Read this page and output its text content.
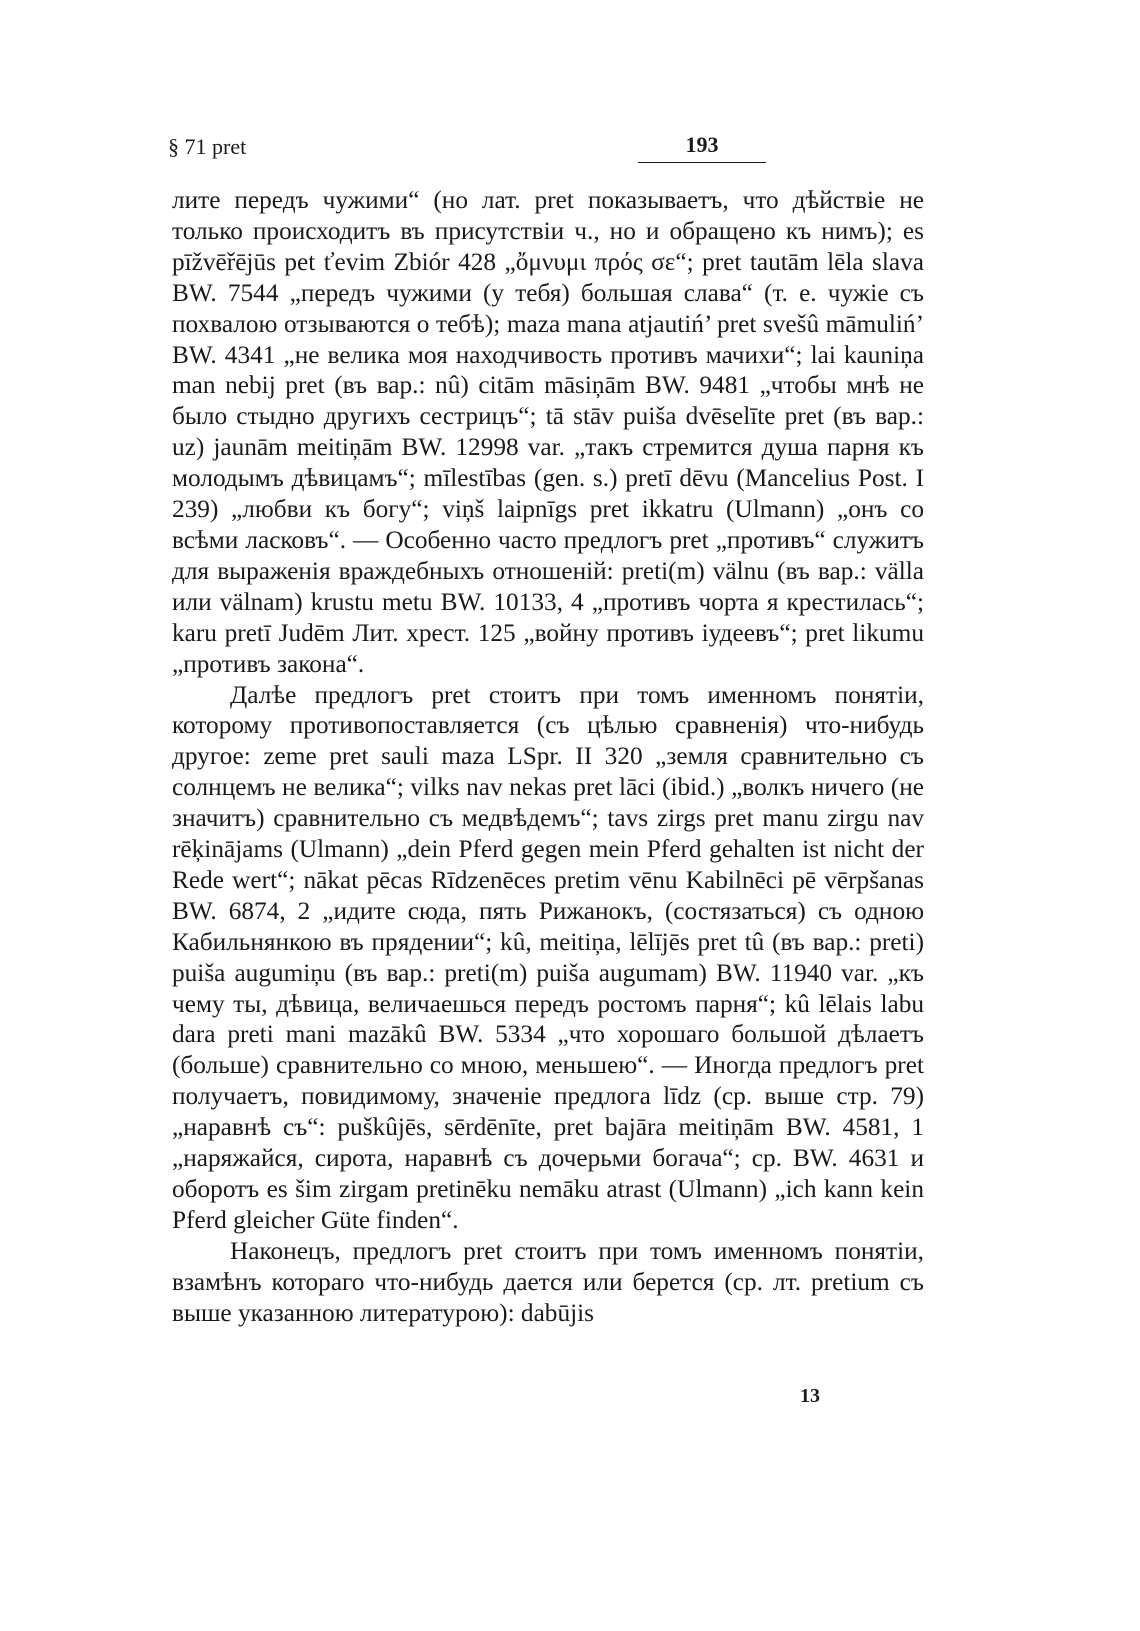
§ 71 pret	193

лите передъ чужими“ (но лат. pret показываетъ, что дѣйствіе не только происходитъ въ присутствіи ч., но и обращено къ нимъ); es pīžvēřējūs pet ťevim Zbiór 428 „ὄμνυμι πρός σε“; pret tautām lēla slava BW. 7544 „передъ чужими (у тебя) большая слава“ (т. е. чужіе съ похвалою отзываются о тебѣ); maza mana atjautiń’ pret svešû māmuliń’ BW. 4341 „не велика моя находчивость противъ мачихи“; lai kauniņa man nebij pret (въ вар.: nû) citām māsiņām BW. 9481 „чтобы мнѣ не было стыдно другихъ сестрицъ“; tā stāv puiša dvēselīte pret (въ вар.: uz) jaunām meitiņām BW. 12998 var. „такъ стремится душа парня къ молодымъ дѣвицамъ“; mīlestības (gen. s.) pretī dēvu (Mancelius Post. I 239) „любви къ богу“; viņš laipnīgs pret ikkatru (Ulmann) „онъ со всѣми ласковъ“. — Особенно часто предлогъ pret „противъ“ служитъ для выраженія враждебныхъ отношеній: preti(m) välnu (въ вар.: välla или välnam) krustu metu BW. 10133, 4 „противъ чорта я крестилась“; karu pretī Judēm Лит. хрест. 125 „войну противъ іудеевъ“; pret likumu „противъ закона“.

Далѣе предлогъ pret стоитъ при томъ именномъ понятіи, которому противопоставляется (съ цѣлью сравненія) что-нибудь другое: zeme pret sauli maza LSpr. II 320 „земля сравнительно съ солнцемъ не велика“; vilks nav nekas pret lāci (ibid.) „волкъ ничего (не значитъ) сравнительно съ медвѣдемъ“; tavs zirgs pret manu zirgu nav rēķinājams (Ulmann) „dein Pferd gegen mein Pferd gehalten ist nicht der Rede wert“; nākat pēcas Rīdzenēces pretim vēnu Kabilnēci pē vērpšanas BW. 6874, 2 „идите сюда, пять Рижанокъ, (состязаться) съ одною Кабильнянкою въ прядении“; kû, meitiņa, lēlījēs pret tû (въ вар.: preti) puiša augumiņu (въ вар.: preti(m) puiša augumam) BW. 11940 var. „къ чему ты, дѣвица, величаешься передъ ростомъ парня“; kû lēlais labu dara preti mani mazākû BW. 5334 „что хорошаго большой дѣлаетъ (больше) сравнительно со мною, меньшею“. — Иногда предлогъ pret получаетъ, повидимому, значеніе предлога līdz (ср. выше стр. 79) „наравнѣ съ“: puškûjēs, sērdēnīte, pret bajāra meitiņām BW. 4581, 1 „наряжайся, сирота, наравнѣ съ дочерьми богача“; ср. BW. 4631 и оборотъ es šim zirgam pretinēku nemāku atrast (Ulmann) „ich kann kein Pferd gleicher Güte finden“.

Наконецъ, предлогъ pret стоитъ при томъ именномъ понятіи, взамѣнъ котораго что-нибудь дается или берется (ср. лт. pretium съ выше указанною литературою): dabūjis

13
